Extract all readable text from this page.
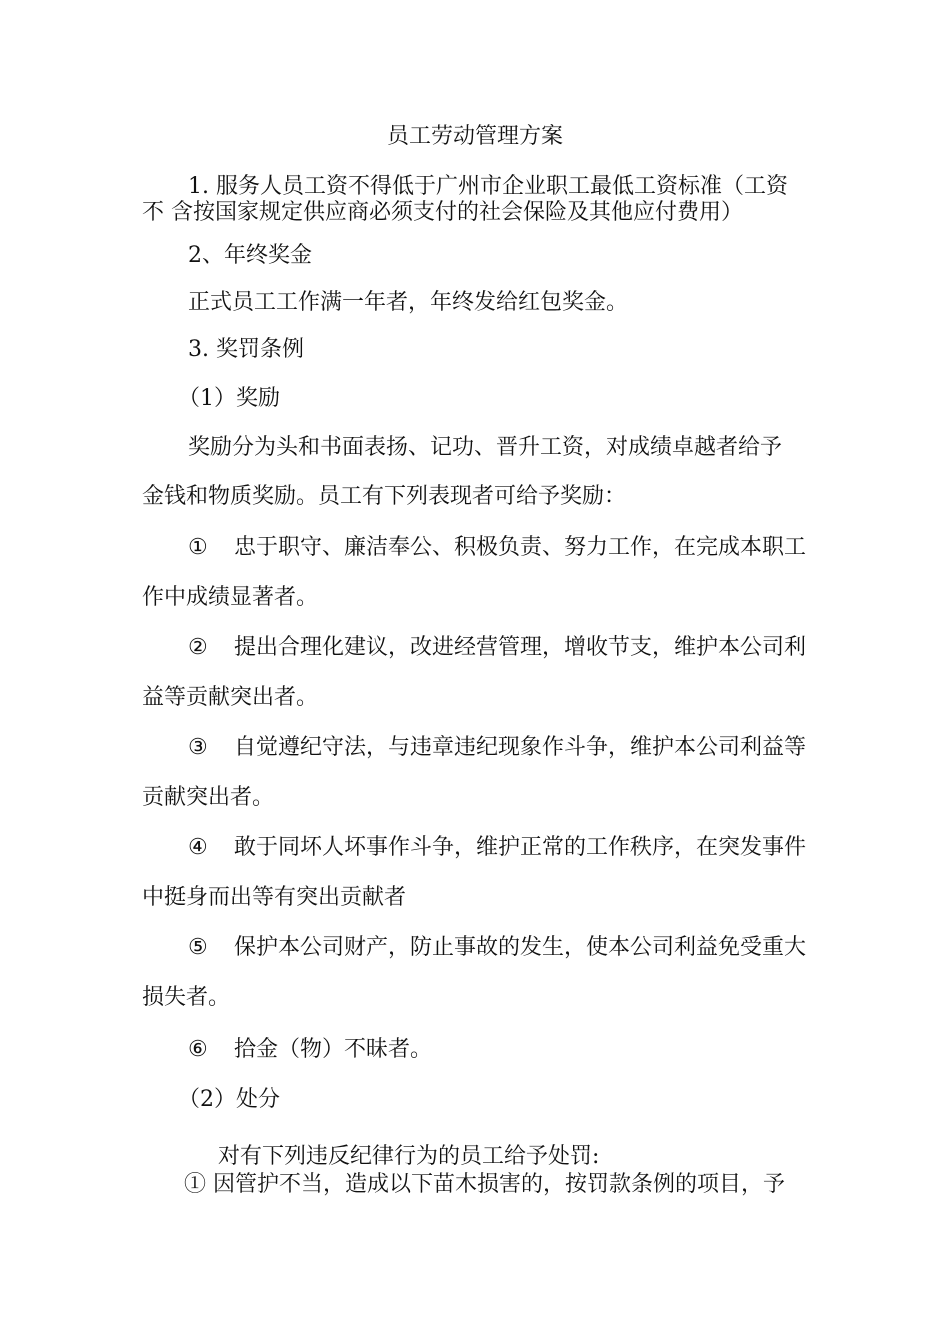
员工劳动管理方案
1. 服务人员工资不得低于广州市企业职工最低工资标准（工资
不 含按国家规定供应商必须支付的社会保险及其他应付费用）
2、年终奖金
正式员工工作满一年者，年终发给红包奖金。
3. 奖罚条例
（1）奖励
奖励分为头和书面表扬、记功、晋升工资，对成绩卓越者给予
金钱和物质奖励。员工有下列表现者可给予奖励：
① 忠于职守、廉洁奉公、积极负责、努力工作，在完成本职工
作中成绩显著者。
② 提出合理化建议，改进经营管理，增收节支，维护本公司利
益等贡献突出者。
③ 自觉遵纪守法，与违章违纪现象作斗争，维护本公司利益等
贡献突出者。
④ 敢于同坏人坏事作斗争，维护正常的工作秩序，在突发事件
中挺身而出等有突出贡献者
⑤ 保护本公司财产，防止事故的发生，使本公司利益免受重大
损失者。
⑥ 拾金（物）不昧者。
（2）处分
对有下列违反纪律行为的员工给予处罚:
① 因管护不当，造成以下苗木损害的，按罚款条例的项目，予
